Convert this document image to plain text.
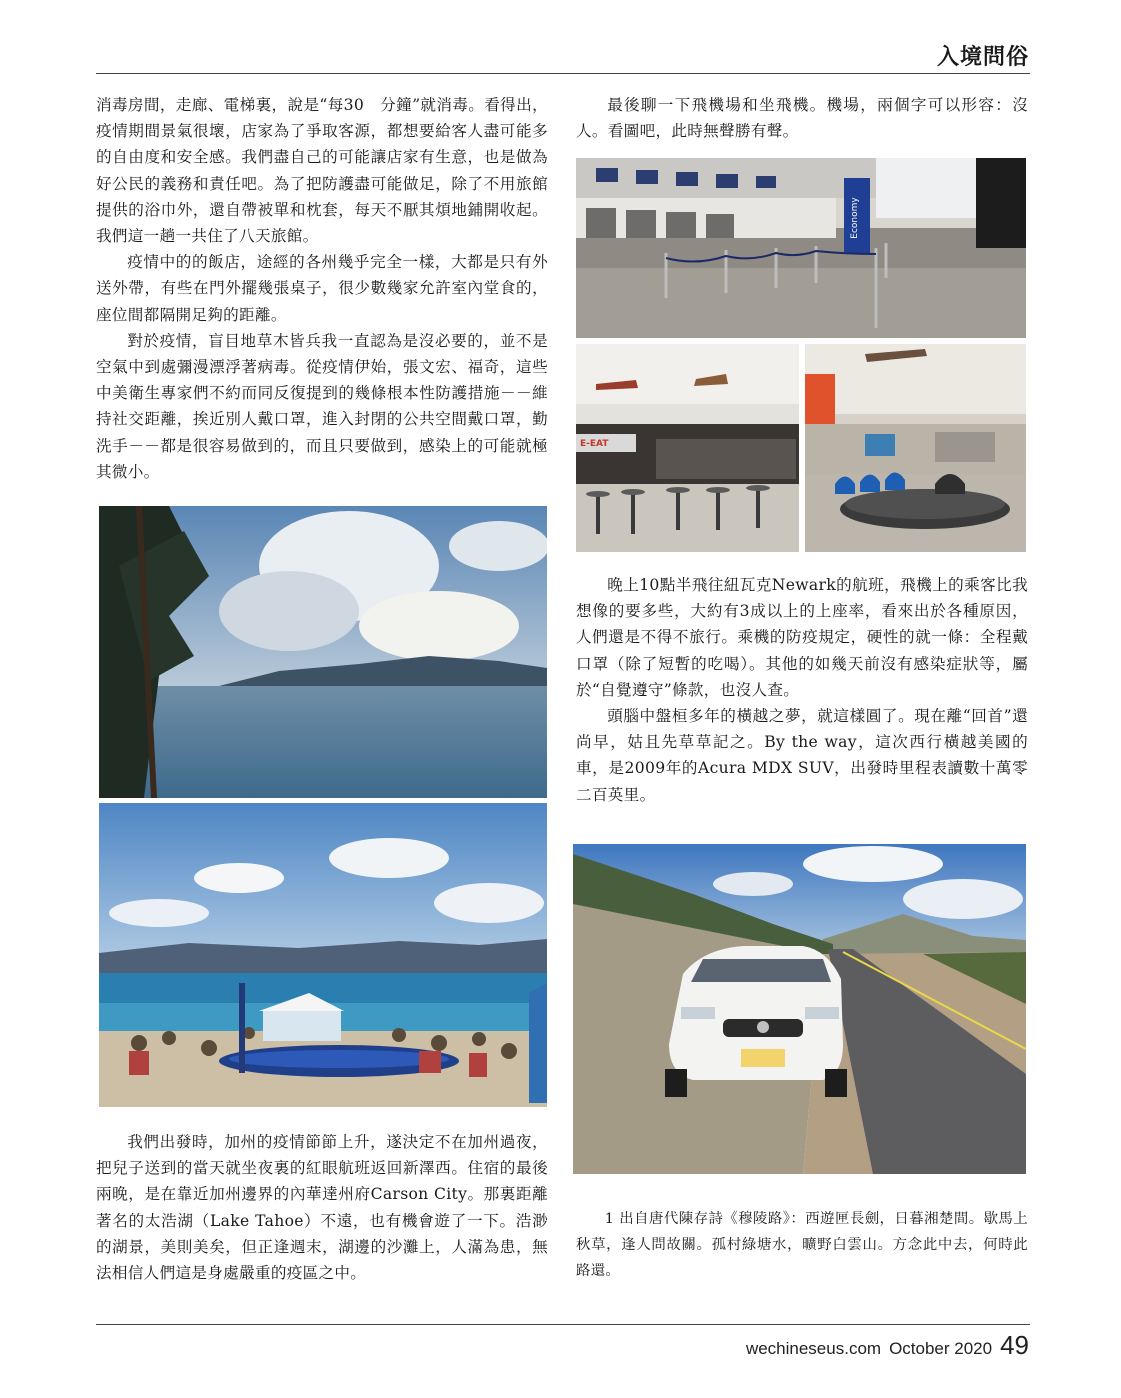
入境問俗

消毒房間，走廊、電梯裏，說是“每30　分鐘”就消毒。看得出，疫情期間景氣很壞，店家為了爭取客源，都想要給客人盡可能多的自由度和安全感。我們盡自己的可能讓店家有生意，也是做為好公民的義務和責任吧。為了把防護盡可能做足，除了不用旅館提供的浴巾外，還自帶被單和枕套，每天不厭其煩地鋪開收起。我們這一趟一共住了八天旅館。

疫情中的的飯店，途經的各州幾乎完全一樣，大都是只有外送外帶，有些在門外擺幾張桌子，很少數幾家允許室內堂食的，座位間都隔開足夠的距離。

對於疫情，盲目地草木皆兵我一直認為是沒必要的，並不是空氣中到處彌漫漂浮著病毒。從疫情伊始，張文宏、福奇，這些中美衛生專家們不約而同反復提到的幾條根本性防護措施－－維持社交距離，挨近別人戴口罩，進入封閉的公共空間戴口罩，勤洗手－－都是很容易做到的，而且只要做到，感染上的可能就極其微小。

我們出發時，加州的疫情節節上升，遂決定不在加州過夜，把兒子送到的當天就坐夜裏的紅眼航班返回新澤西。住宿的最後兩晚，是在靠近加州邊界的內華達州府Carson City。那裏距離著名的太浩湖（Lake Tahoe）不遠，也有機會遊了一下。浩渺的湖景，美則美矣，但正逢週末，湖邊的沙灘上，人滿為患，無法相信人們這是身處嚴重的疫區之中。

最後聊一下飛機場和坐飛機。機場，兩個字可以形容：沒人。看圖吧，此時無聲勝有聲。

Economy
E-EAT

晚上10點半飛往紐瓦克Newark的航班，飛機上的乘客比我想像的要多些，大約有3成以上的上座率，看來出於各種原因，人們還是不得不旅行。乘機的防疫規定，硬性的就一條：全程戴口罩（除了短暫的吃喝）。其他的如幾天前沒有感染症狀等，屬於“自覺遵守”條款，也沒人查。

頭腦中盤桓多年的橫越之夢，就這樣圓了。現在離“回首”還尚早，姑且先草草記之。By the way，這次西行橫越美國的車，是2009年的Acura MDX SUV，出發時里程表讀數十萬零二百英里。

1 出自唐代陳存詩《穆陵路》：西遊匣長劍，日暮湘楚間。歇馬上秋草，逢人問故關。孤村綠塘水，曠野白雲山。方念此中去，何時此路還。

wechineseus.com October 2020 49
